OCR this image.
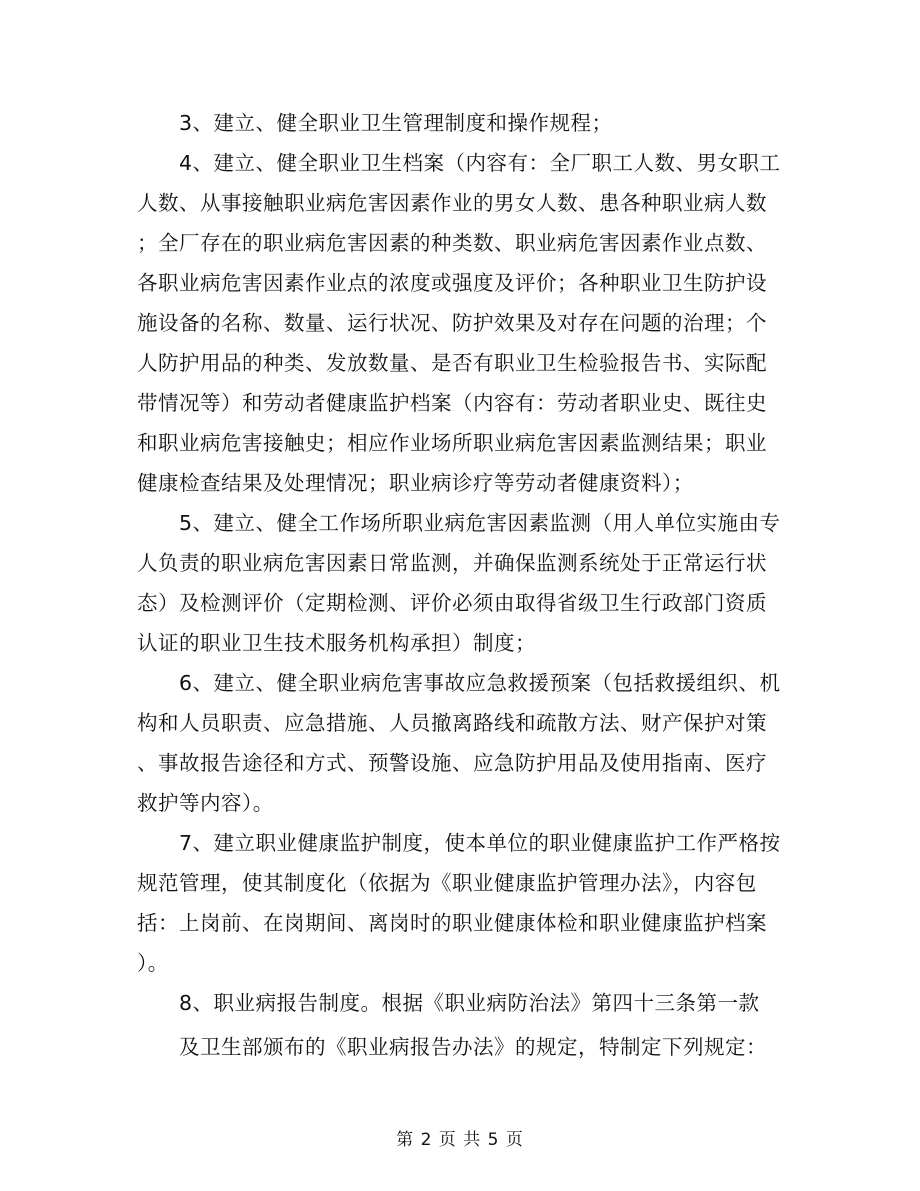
3、建立、健全职业卫生管理制度和操作规程；
4、建立、健全职业卫生档案（内容有：全厂职工人数、男女职工
人数、从事接触职业病危害因素作业的男女人数、患各种职业病人数
；全厂存在的职业病危害因素的种类数、职业病危害因素作业点数、
各职业病危害因素作业点的浓度或强度及评价；各种职业卫生防护设
施设备的名称、数量、运行状况、防护效果及对存在问题的治理；个
人防护用品的种类、发放数量、是否有职业卫生检验报告书、实际配
带情况等）和劳动者健康监护档案（内容有：劳动者职业史、既往史
和职业病危害接触史；相应作业场所职业病危害因素监测结果；职业
健康检查结果及处理情况；职业病诊疗等劳动者健康资料）；
5、建立、健全工作场所职业病危害因素监测（用人单位实施由专
人负责的职业病危害因素日常监测，并确保监测系统处于正常运行状
态）及检测评价（定期检测、评价必须由取得省级卫生行政部门资质
认证的职业卫生技术服务机构承担）制度；
6、建立、健全职业病危害事故应急救援预案（包括救援组织、机
构和人员职责、应急措施、人员撤离路线和疏散方法、财产保护对策
、事故报告途径和方式、预警设施、应急防护用品及使用指南、医疗
救护等内容）。
7、建立职业健康监护制度，使本单位的职业健康监护工作严格按
规范管理，使其制度化（依据为《职业健康监护管理办法》，内容包
括：上岗前、在岗期间、离岗时的职业健康体检和职业健康监护档案
）。
8、职业病报告制度。根据《职业病防治法》第四十三条第一款
及卫生部颁布的《职业病报告办法》的规定，特制定下列规定：
第 2 页 共 5 页
